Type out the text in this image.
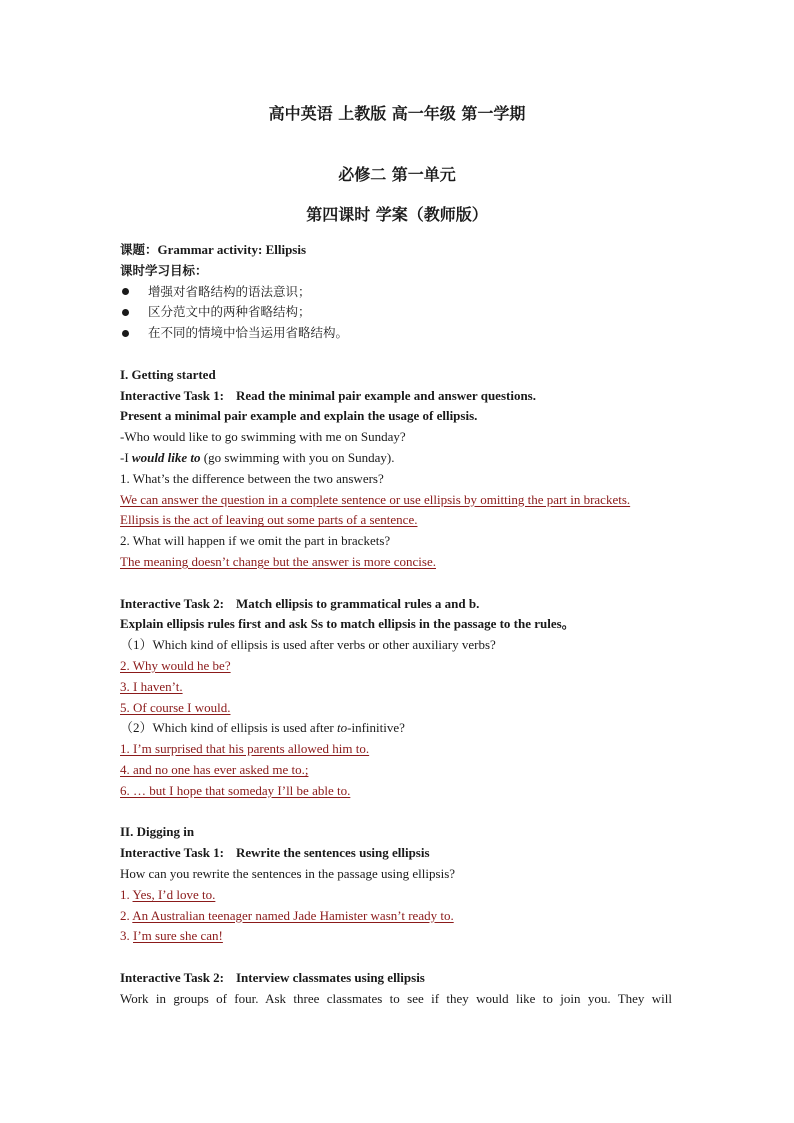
高中英语 上教版 高一年级 第一学期

必修二 第一单元

第四课时 学案（教师版）

课题：Grammar activity: Ellipsis
课时学习目标：
增强对省略结构的语法意识；
区分范文中的两种省略结构；
在不同的情境中恰当运用省略结构。
I. Getting started
Interactive Task 1: Read the minimal pair example and answer questions.
Present a minimal pair example and explain the usage of ellipsis.
-Who would like to go swimming with me on Sunday?
-I would like to (go swimming with you on Sunday).
1. What’s the difference between the two answers?
We can answer the question in a complete sentence or use ellipsis by omitting the part in brackets.
Ellipsis is the act of leaving out some parts of a sentence.
2. What will happen if we omit the part in brackets?
The meaning doesn’t change but the answer is more concise.
Interactive Task 2: Match ellipsis to grammatical rules a and b.
Explain ellipsis rules first and ask Ss to match ellipsis in the passage to the rules。
（1）Which kind of ellipsis is used after verbs or other auxiliary verbs?
2. Why would he be?
3. I haven’t.
5. Of course I would.
（2）Which kind of ellipsis is used after to-infinitive?
1. I’m surprised that his parents allowed him to.
4. and no one has ever asked me to.;
6. … but I hope that someday I’ll be able to.
II. Digging in
Interactive Task 1: Rewrite the sentences using ellipsis
How can you rewrite the sentences in the passage using ellipsis?
1. Yes, I’d love to.
2. An Australian teenager named Jade Hamister wasn’t ready to.
3. I’m sure she can!
Interactive Task 2: Interview classmates using ellipsis
Work in groups of four. Ask three classmates to see if they would like to join you. They will
